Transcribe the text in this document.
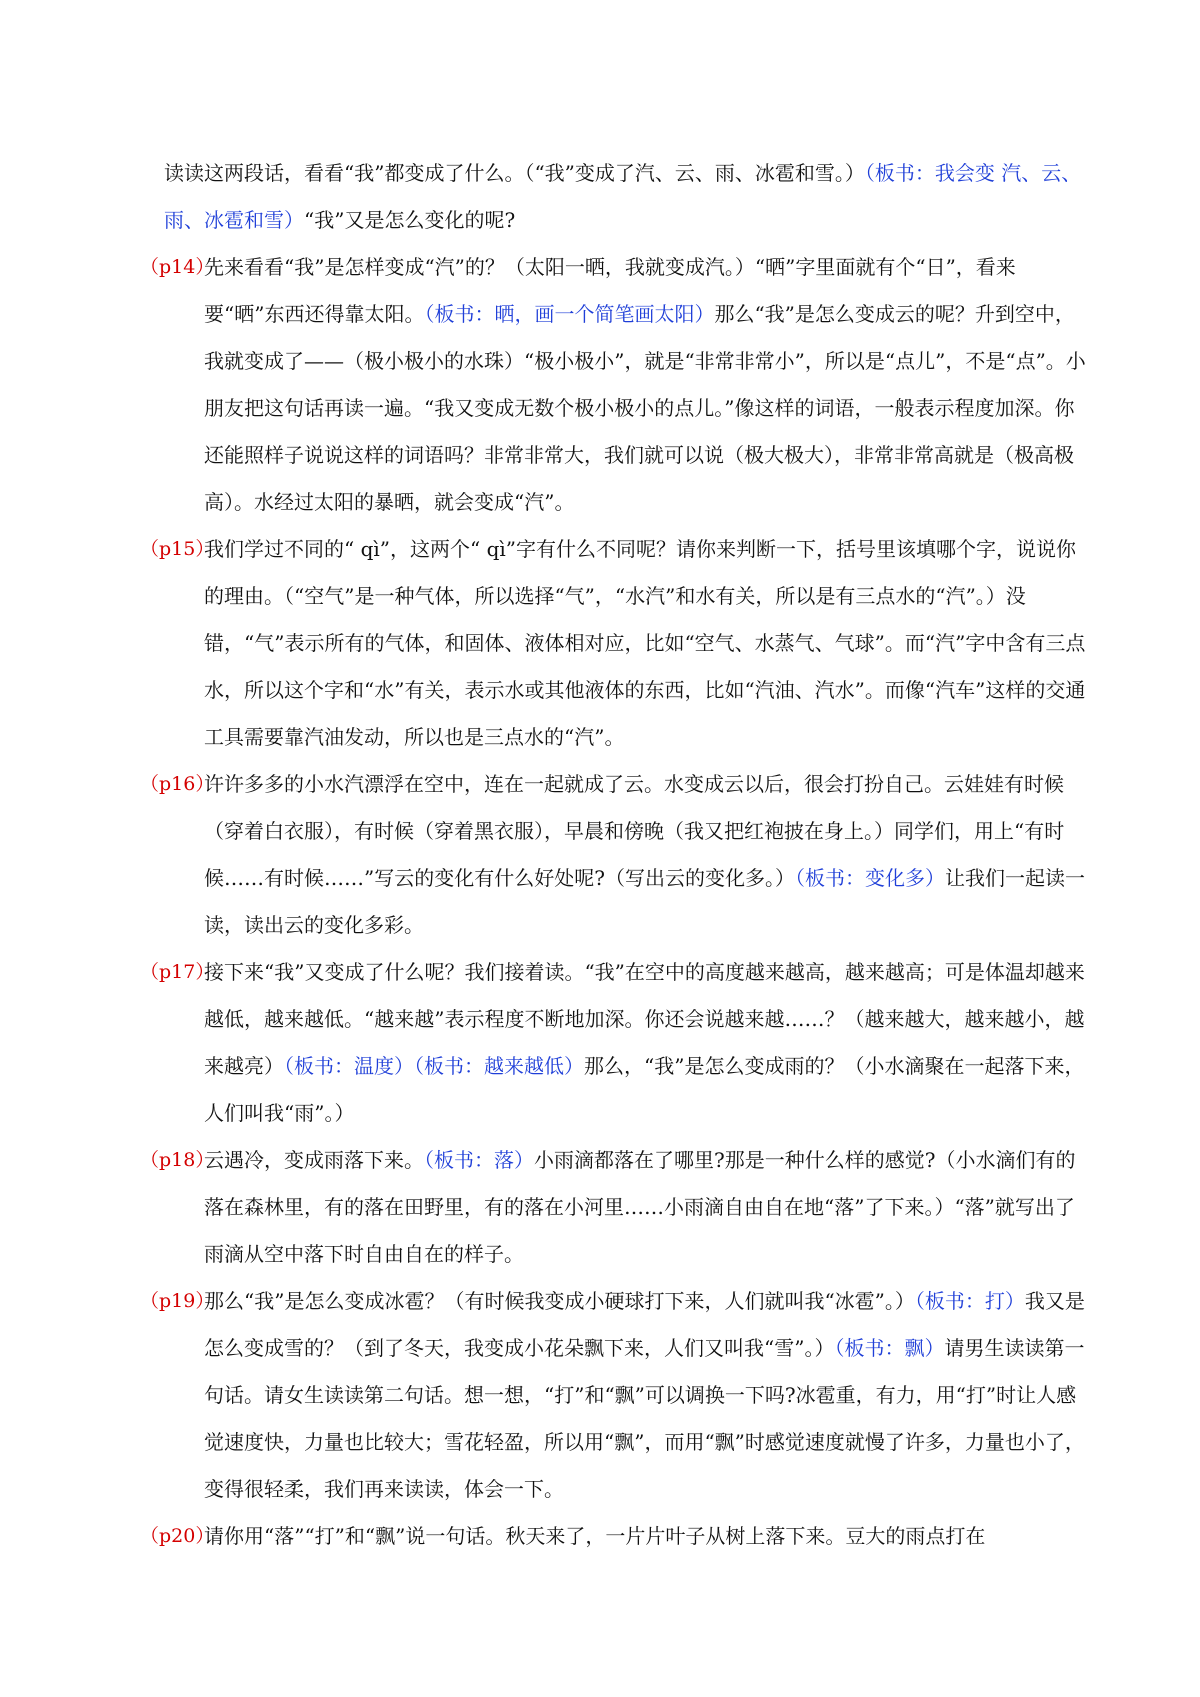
读读这两段话，看看“我”都变成了什么。（“我”变成了汽、云、雨、冰雹和雪。）（板书：我会变 汽、云、雨、冰雹和雪）“我”又是怎么变化的呢?

（p14）
先来看看“我”是怎样变成“汽”的？（太阳一晒，我就变成汽。）“晒”字里面就有个“日”，看来要“晒”东西还得靠太阳。（板书：晒，画一个简笔画太阳）那么“我”是怎么变成云的呢？升到空中，我就变成了——（极小极小的水珠）“极小极小”，就是“非常非常小”，所以是“点儿”，不是“点”。小朋友把这句话再读一遍。“我又变成无数个极小极小的点儿。”像这样的词语，一般表示程度加深。你还能照样子说说这样的词语吗？非常非常大，我们就可以说（极大极大），非常非常高就是（极高极高）。水经过太阳的暴晒，就会变成“汽”。

（p15）
我们学过不同的“ qì”，这两个“ qì”字有什么不同呢？请你来判断一下，括号里该填哪个字，说说你的理由。（“空气”是一种气体，所以选择“气”，“水汽”和水有关，所以是有三点水的“汽”。）没错，“气”表示所有的气体，和固体、液体相对应，比如“空气、水蒸气、气球”。而“汽”字中含有三点水，所以这个字和“水”有关，表示水或其他液体的东西，比如“汽油、汽水”。而像“汽车”这样的交通工具需要靠汽油发动，所以也是三点水的“汽”。

（p16）
许许多多的小水汽漂浮在空中，连在一起就成了云。水变成云以后，很会打扮自己。云娃娃有时候（穿着白衣服），有时候（穿着黑衣服），早晨和傍晚（我又把红袍披在身上。）同学们，用上“有时候……有时候……”写云的变化有什么好处呢?（写出云的变化多。）（板书：变化多）让我们一起读一读，读出云的变化多彩。

（p17）
接下来“我”又变成了什么呢？我们接着读。“我”在空中的高度越来越高，越来越高；可是体温却越来越低，越来越低。“越来越”表示程度不断地加深。你还会说越来越……？（越来越大，越来越小，越来越亮）（板书：温度）（板书：越来越低）那么，“我”是怎么变成雨的？（小水滴聚在一起落下来，人们叫我“雨”。）

（p18）
云遇冷，变成雨落下来。（板书：落）小雨滴都落在了哪里?那是一种什么样的感觉?（小水滴们有的落在森林里，有的落在田野里，有的落在小河里……小雨滴自由自在地“落”了下来。）“落”就写出了雨滴从空中落下时自由自在的样子。

（p19）
那么“我”是怎么变成冰雹？（有时候我变成小硬球打下来，人们就叫我“冰雹”。）（板书：打）我又是怎么变成雪的？（到了冬天，我变成小花朵飘下来，人们又叫我“雪”。）（板书：飘）请男生读读第一句话。请女生读读第二句话。想一想，“打”和“飘”可以调换一下吗?冰雹重，有力，用“打”时让人感觉速度快，力量也比较大；雪花轻盈，所以用“飘”，而用“飘”时感觉速度就慢了许多，力量也小了，变得很轻柔，我们再来读读，体会一下。

（p20）
请你用“落”“打”和“飘”说一句话。秋天来了，一片片叶子从树上落下来。豆大的雨点打在
